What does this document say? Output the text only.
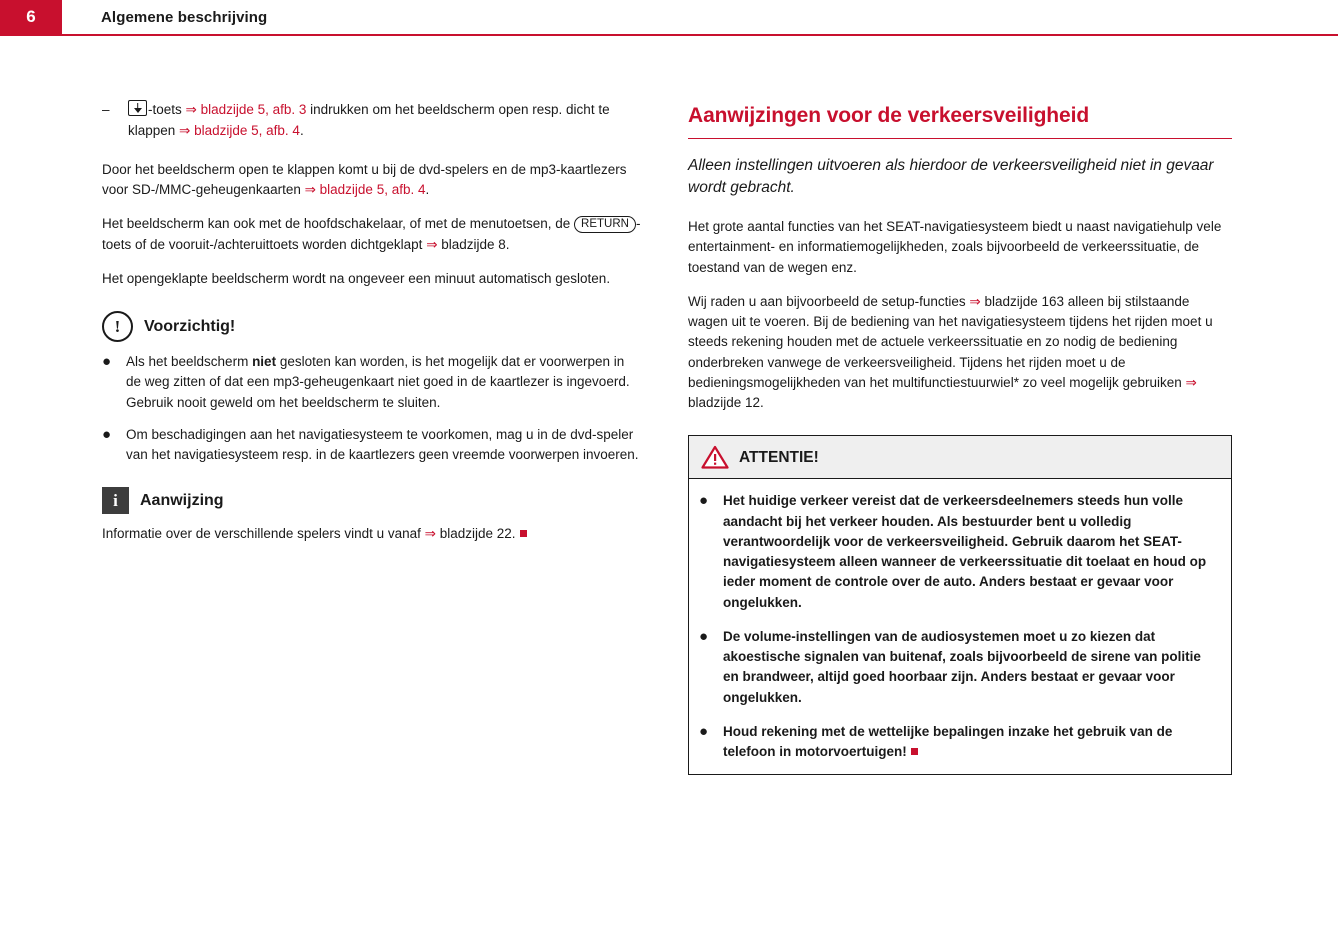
6	Algemene beschrijving
–	-toets ⇒ bladzijde 5, afb. 3 indrukken om het beeldscherm open resp. dicht te klappen ⇒ bladzijde 5, afb. 4.

Door het beeldscherm open te klappen komt u bij de dvd-spelers en de mp3-kaartlezers voor SD-/MMC-geheugenkaarten ⇒ bladzijde 5, afb. 4.

Het beeldscherm kan ook met de hoofdschakelaar, of met de menutoetsen, de RETURN -toets of de vooruit-/achteruittoets worden dichtgeklapt ⇒ bladzijde 8.

Het opengeklapte beeldscherm wordt na ongeveer een minuut automatisch gesloten.

! Voorzichtig!
●	Als het beeldscherm niet gesloten kan worden, is het mogelijk dat er voorwerpen in de weg zitten of dat een mp3-geheugenkaart niet goed in de kaartlezer is ingevoerd. Gebruik nooit geweld om het beeldscherm te sluiten.
●	Om beschadigingen aan het navigatiesysteem te voorkomen, mag u in de dvd-speler van het navigatiesysteem resp. in de kaartlezers geen vreemde voorwerpen invoeren.
i Aanwijzing

Informatie over de verschillende spelers vindt u vanaf ⇒ bladzijde 22.

Aanwijzingen voor de verkeersveiligheid
Alleen instellingen uitvoeren als hierdoor de verkeersveiligheid niet in gevaar wordt gebracht.

Het grote aantal functies van het SEAT-navigatiesysteem biedt u naast navigatiehulp vele entertainment- en informatiemogelijkheden, zoals bijvoorbeeld de verkeerssituatie, de toestand van de wegen enz.

Wij raden u aan bijvoorbeeld de setup-functies ⇒ bladzijde 163 alleen bij stilstaande wagen uit te voeren. Bij de bediening van het navigatiesysteem tijdens het rijden moet u steeds rekening houden met de actuele verkeerssituatie en zo nodig de bediening onderbreken vanwege de verkeersveiligheid. Tijdens het rijden moet u de bedieningsmogelijkheden van het multifunctiestuurwiel* zo veel mogelijk gebruiken ⇒ bladzijde 12.

ATTENTIE!
●	Het huidige verkeer vereist dat de verkeersdeelnemers steeds hun volle aandacht bij het verkeer houden. Als bestuurder bent u volledig verantwoordelijk voor de verkeersveiligheid. Gebruik daarom het SEAT-navigatiesysteem alleen wanneer de verkeerssituatie dit toelaat en houd op ieder moment de controle over de auto. Anders bestaat er gevaar voor ongelukken.
●	De volume-instellingen van de audiosystemen moet u zo kiezen dat akoestische signalen van buitenaf, zoals bijvoorbeeld de sirene van politie en brandweer, altijd goed hoorbaar zijn. Anders bestaat er gevaar voor ongelukken.
●	Houd rekening met de wettelijke bepalingen inzake het gebruik van de telefoon in motorvoertuigen!
